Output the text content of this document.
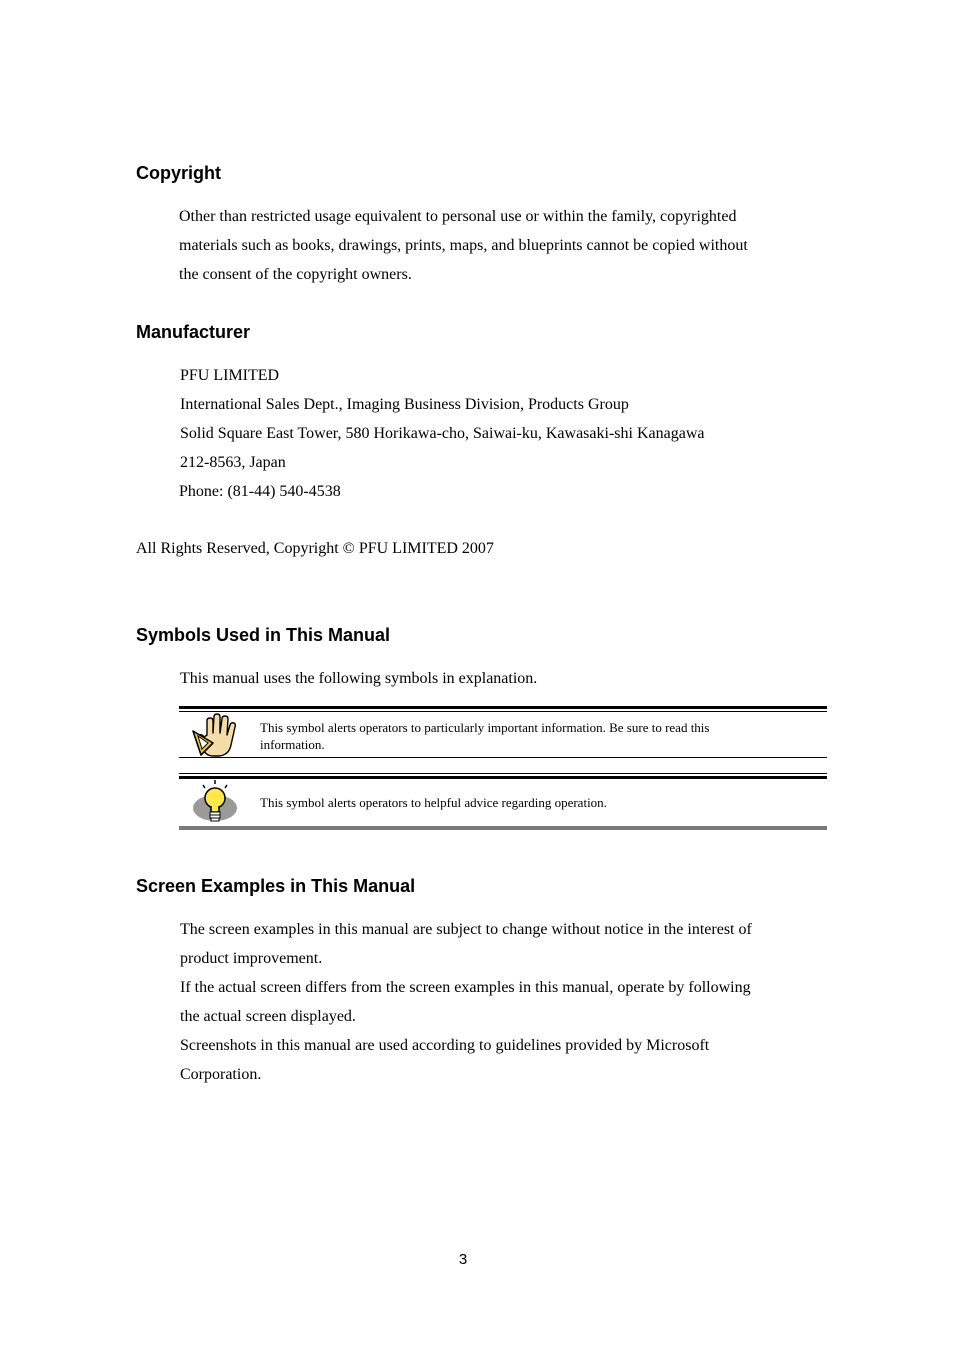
Copyright
Other than restricted usage equivalent to personal use or within the family, copyrighted
materials such as books, drawings, prints, maps, and blueprints cannot be copied without
the consent of the copyright owners.
Manufacturer
PFU LIMITED
International Sales Dept., Imaging Business Division, Products Group
Solid Square East Tower, 580 Horikawa-cho, Saiwai-ku, Kawasaki-shi Kanagawa
212-8563, Japan
Phone: (81-44) 540-4538

All Rights Reserved, Copyright © PFU LIMITED 2007

Symbols Used in This Manual

This manual uses the following symbols in explanation.

This symbol alerts operators to particularly important information. Be sure to read this
information.
This symbol alerts operators to helpful advice regarding operation.
Screen Examples in This Manual
The screen examples in this manual are subject to change without notice in the interest of
product improvement.
If the actual screen differs from the screen examples in this manual, operate by following
the actual screen displayed.
Screenshots in this manual are used according to guidelines provided by Microsoft
Corporation.
3
